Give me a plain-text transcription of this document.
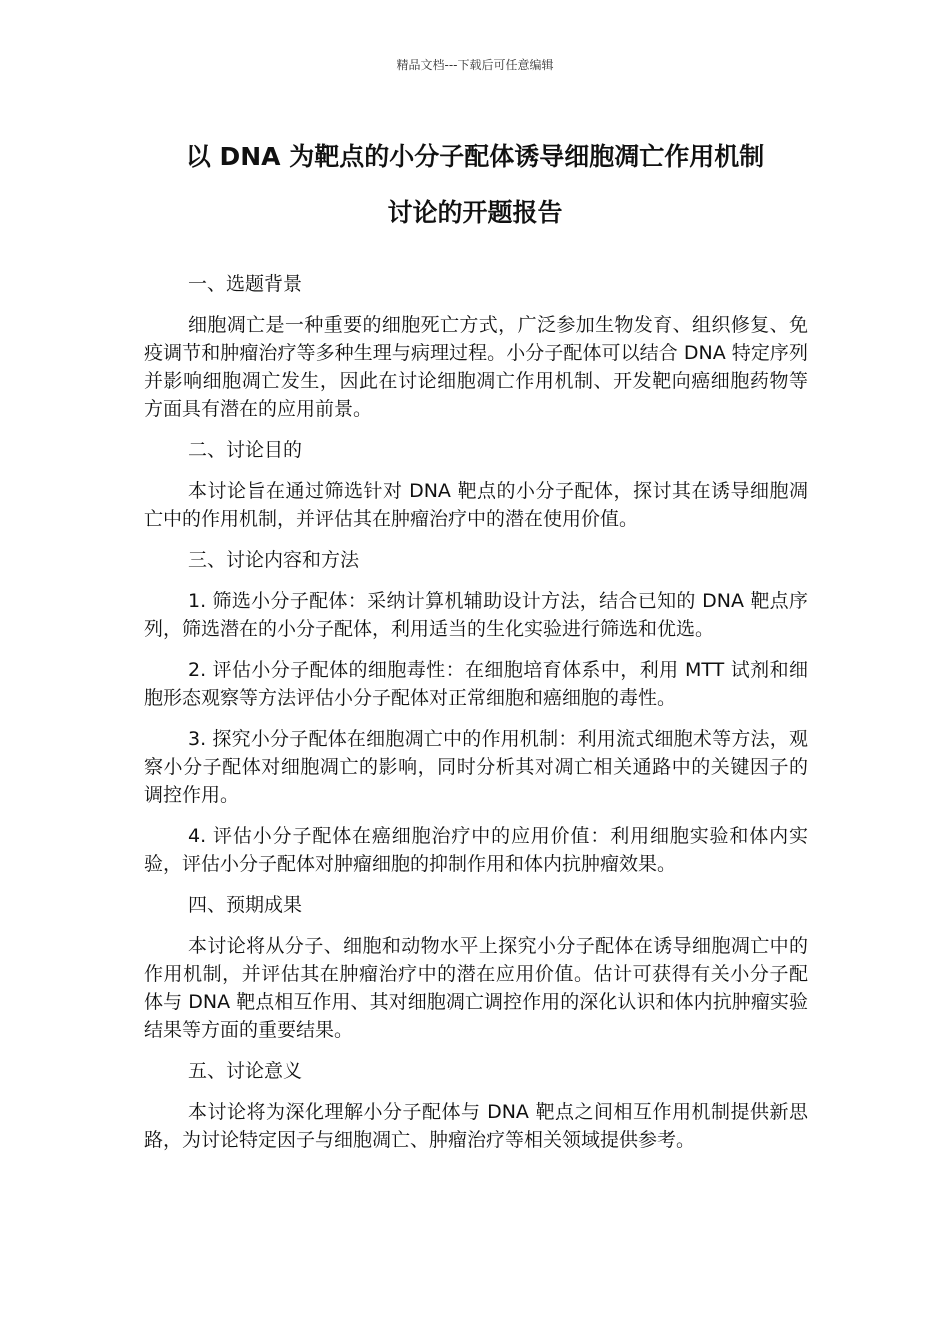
精品文档---下载后可任意编辑
以 DNA 为靶点的小分子配体诱导细胞凋亡作用机制
讨论的开题报告

一、选题背景

细胞凋亡是一种重要的细胞死亡方式，广泛参加生物发育、组织修复、免疫调节和肿瘤治疗等多种生理与病理过程。小分子配体可以结合 DNA 特定序列并影响细胞凋亡发生，因此在讨论细胞凋亡作用机制、开发靶向癌细胞药物等方面具有潜在的应用前景。

二、讨论目的

本讨论旨在通过筛选针对 DNA 靶点的小分子配体，探讨其在诱导细胞凋亡中的作用机制，并评估其在肿瘤治疗中的潜在使用价值。

三、讨论内容和方法

1. 筛选小分子配体：采纳计算机辅助设计方法，结合已知的 DNA 靶点序列，筛选潜在的小分子配体，利用适当的生化实验进行筛选和优选。

2. 评估小分子配体的细胞毒性：在细胞培育体系中，利用 MTT 试剂和细胞形态观察等方法评估小分子配体对正常细胞和癌细胞的毒性。

3. 探究小分子配体在细胞凋亡中的作用机制：利用流式细胞术等方法，观察小分子配体对细胞凋亡的影响，同时分析其对凋亡相关通路中的关键因子的调控作用。

4. 评估小分子配体在癌细胞治疗中的应用价值：利用细胞实验和体内实验，评估小分子配体对肿瘤细胞的抑制作用和体内抗肿瘤效果。

四、预期成果

本讨论将从分子、细胞和动物水平上探究小分子配体在诱导细胞凋亡中的作用机制，并评估其在肿瘤治疗中的潜在应用价值。估计可获得有关小分子配体与 DNA 靶点相互作用、其对细胞凋亡调控作用的深化认识和体内抗肿瘤实验结果等方面的重要结果。

五、讨论意义

本讨论将为深化理解小分子配体与 DNA 靶点之间相互作用机制提供新思路，为讨论特定因子与细胞凋亡、肿瘤治疗等相关领域提供参考。
